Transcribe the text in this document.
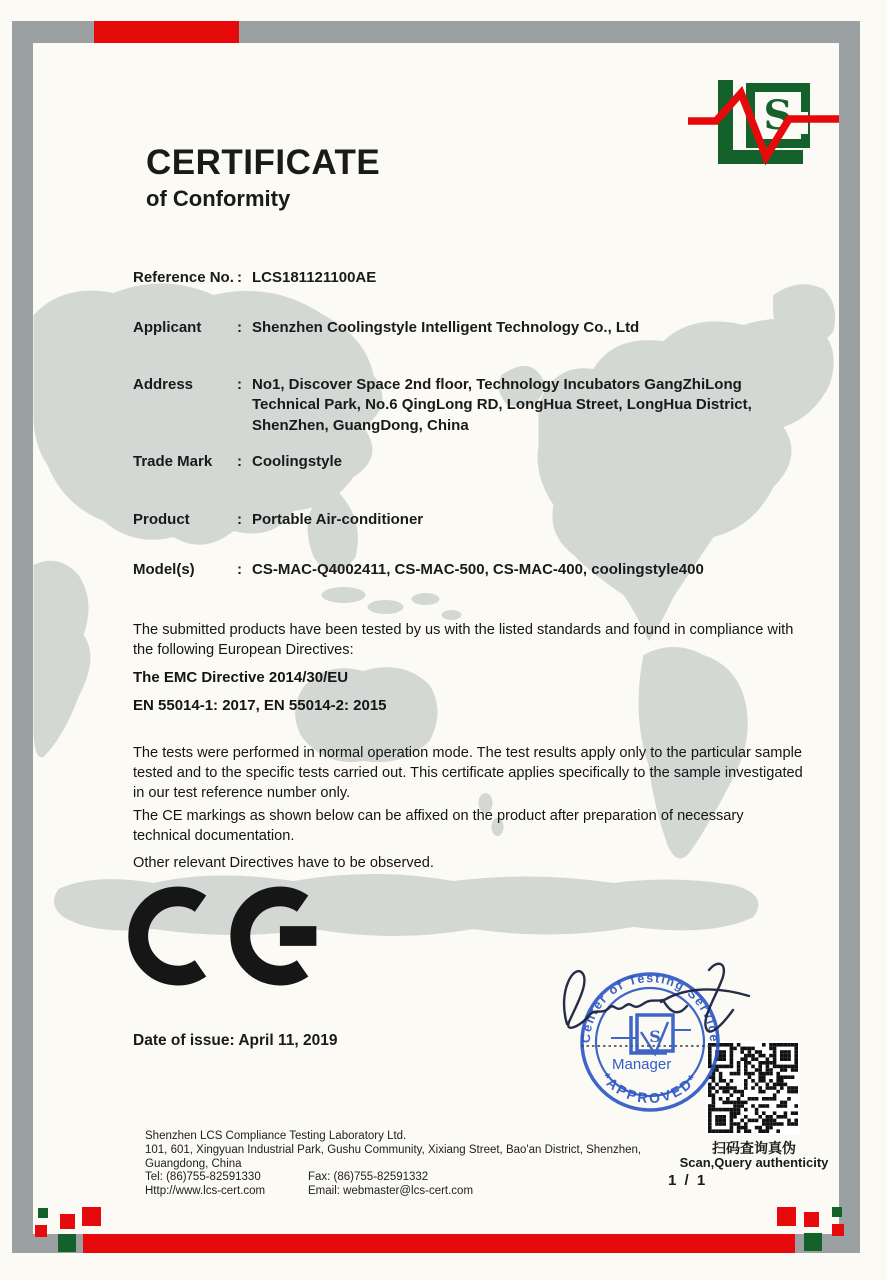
S
CERTIFICATE
of Conformity
Reference No. : LCS181121100AE
Applicant	: Shenzhen Coolingstyle Intelligent Technology Co., Ltd
Address	: No1, Discover Space 2nd floor, Technology Incubators GangZhiLong Technical Park, No.6 QingLong RD, LongHua Street, LongHua District, ShenZhen, GuangDong, China
Trade Mark	: Coolingstyle
Product	: Portable Air-conditioner
Model(s)	: CS-MAC-Q4002411, CS-MAC-500, CS-MAC-400, coolingstyle400
The submitted products have been tested by us with the listed standards and found in compliance with the following European Directives:
The EMC Directive 2014/30/EU
EN 55014-1: 2017, EN 55014-2: 2015
The tests were performed in normal operation mode. The test results apply only to the particular sample tested and to the specific tests carried out. This certificate applies specifically to the sample investigated in our test reference number only.
The CE markings as shown below can be affixed on the product after preparation of necessary technical documentation.
Other relevant Directives have to be observed.
Date of issue: April 11, 2019	Center of Testing Service
*APPROVED*
Manager
S
扫码查询真伪
Scan,Query authenticity
1 / 1
Shenzhen LCS Compliance Testing Laboratory Ltd.
101, 601, Xingyuan Industrial Park, Gushu Community, Xixiang Street, Bao'an District, Shenzhen,
Guangdong, China
Tel: (86)755-82591330	Fax: (86)755-82591332
Http://www.lcs-cert.com	Email: webmaster@lcs-cert.com
